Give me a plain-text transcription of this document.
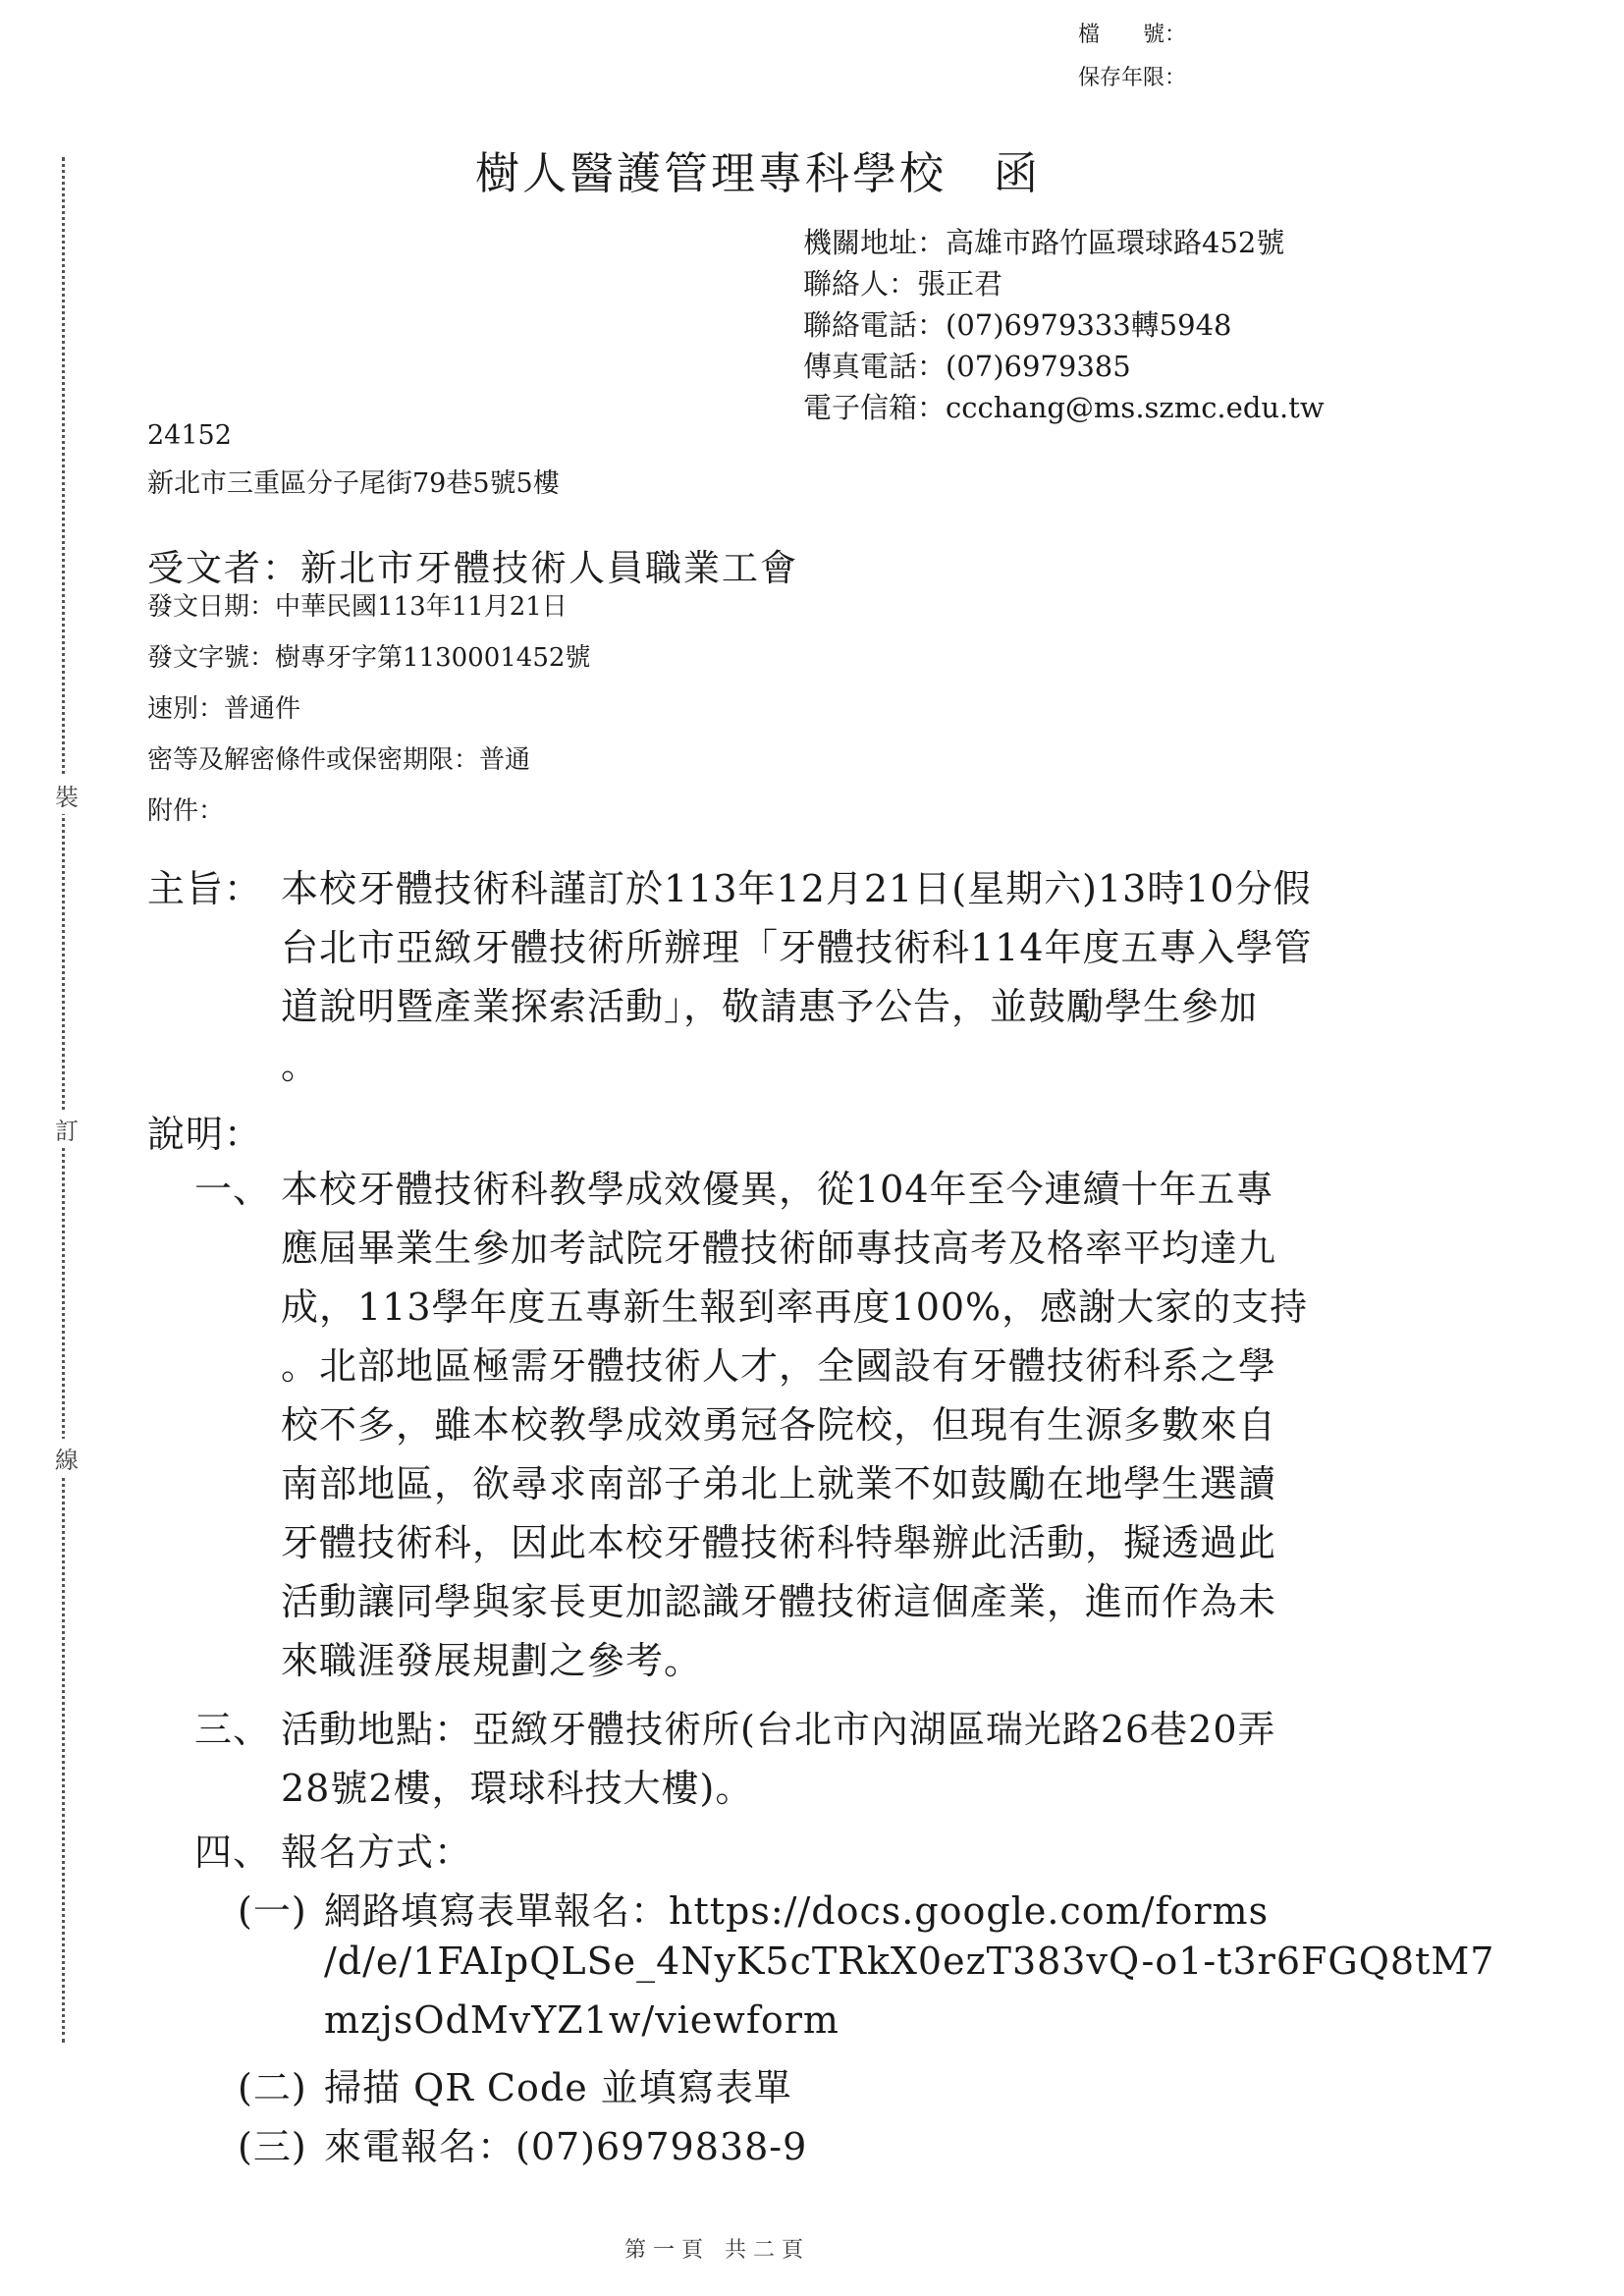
裝
訂
線
檔　　號：
保存年限：
樹人醫護管理專科學校　函
機關地址：高雄市路竹區環球路452號
聯絡人：張正君
聯絡電話：(07)6979333轉5948
傳真電話：(07)6979385
電子信箱：ccchang@ms.szmc.edu.tw
24152
新北市三重區分子尾街79巷5號5樓
受文者：新北市牙體技術人員職業工會
發文日期：中華民國113年11月21日
發文字號：樹專牙字第1130001452號
速別：普通件
密等及解密條件或保密期限：普通
附件：
主旨： 本校牙體技術科謹訂於113年12月21日(星期六)13時10分假
台北市亞緻牙體技術所辦理「牙體技術科114年度五專入學管
道說明暨產業探索活動」，敬請惠予公告，並鼓勵學生參加
。
說明：
一、 本校牙體技術科教學成效優異，從104年至今連續十年五專
應屆畢業生參加考試院牙體技術師專技高考及格率平均達九
成，113學年度五專新生報到率再度100%，感謝大家的支持
。北部地區極需牙體技術人才，全國設有牙體技術科系之學
校不多，雖本校教學成效勇冠各院校，但現有生源多數來自
南部地區，欲尋求南部子弟北上就業不如鼓勵在地學生選讀
牙體技術科，因此本校牙體技術科特舉辦此活動，擬透過此
活動讓同學與家長更加認識牙體技術這個產業，進而作為未
來職涯發展規劃之參考。
三、 活動地點：亞緻牙體技術所(台北市內湖區瑞光路26巷20弄
28號2樓，環球科技大樓)。
四、 報名方式：
(一) 網路填寫表單報名：https://docs.google.com/forms
/d/e/1FAIpQLSe_4NyK5cTRkX0ezT383vQ-o1-t3r6FGQ8tM7
mzjsOdMvYZ1w/viewform
(二) 掃描 QR Code 並填寫表單
(三) 來電報名：(07)6979838-9
第 一 頁　共 二 頁
